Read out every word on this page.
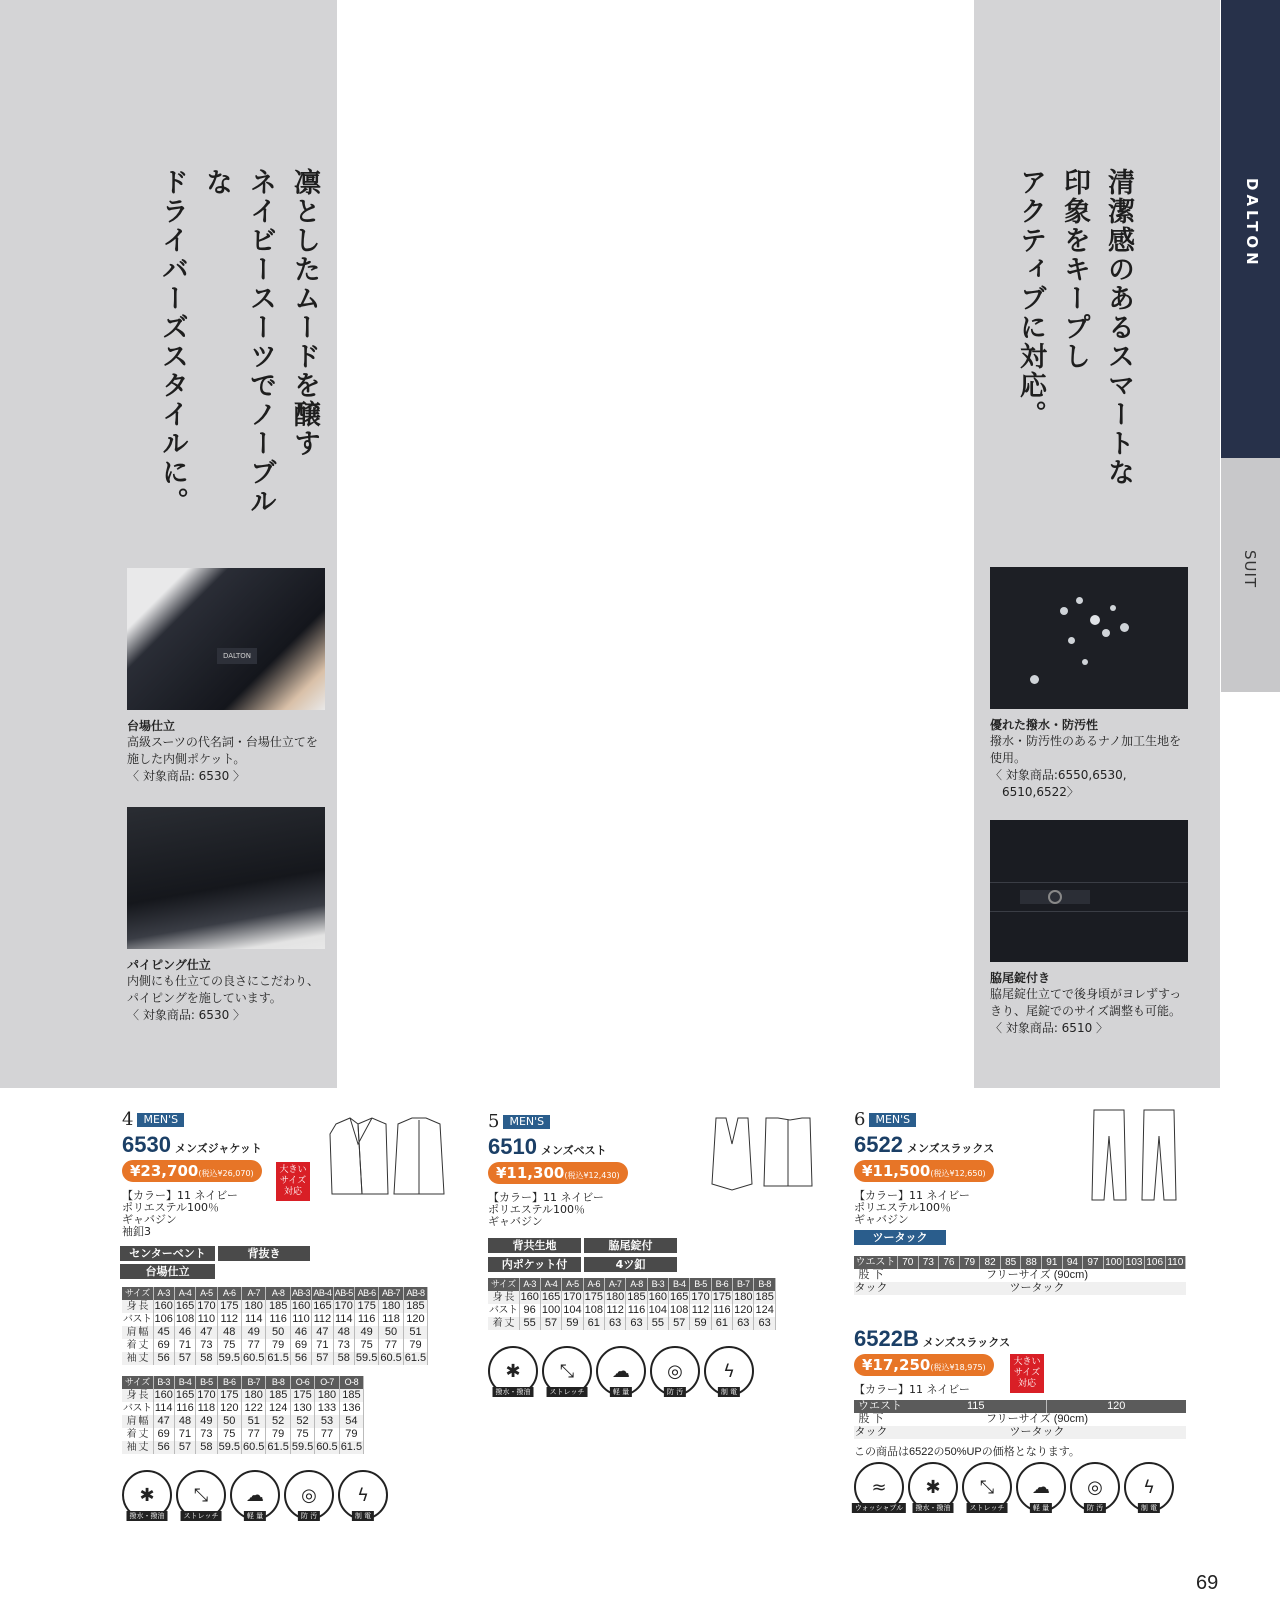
DALTON
SUIT
凛としたムードを醸す
ネイビースーツでノーブルな
ドライバーズスタイルに。	清潔感のあるスマートな
印象をキープし
アクティブに対応。
DALTON
台場仕立
高級スーツの代名詞・台場仕立てを
施した内側ポケット。
〈 対象商品: 6530 〉
パイピング仕立
内側にも仕立ての良さにこだわり、
パイピングを施しています。
〈 対象商品: 6530 〉
優れた撥水・防汚性
撥水・防汚性のあるナノ加工生地を
使用。
〈 対象商品:6550,6530,
　6510,6522〉
脇尾錠付き
脇尾錠仕立てで後身頃がヨレずすっ
きり、尾錠でのサイズ調整も可能。
〈 対象商品: 6510 〉
4 MEN'S
6530 メンズジャケット
¥23,700(税込¥26,070)	大きい
サイズ
対応
【カラー】11 ネイビー
ポリエステル100％
ギャバジン
袖釦3
センターベント	背抜き
台場仕立
サイズ	A-3	A-4	A-5	A-6	A-7	A-8	AB-3	AB-4	AB-5	AB-6	AB-7	AB-8
身 長	160	165	170	175	180	185	160	165	170	175	180	185
バスト	106	108	110	112	114	116	110	112	114	116	118	120
肩 幅	45	46	47	48	49	50	46	47	48	49	50	51
着 丈	69	71	73	75	77	79	69	71	73	75	77	79
袖 丈	56	57	58	59.5	60.5	61.5	56	57	58	59.5	60.5	61.5
サイズ	B-3	B-4	B-5	B-6	B-7	B-8	O-6	O-7	O-8
身 長	160	165	170	175	180	185	175	180	185
バスト	114	116	118	120	122	124	130	133	136
肩 幅	47	48	49	50	51	52	52	53	54
着 丈	69	71	73	75	77	79	75	77	79
袖 丈	56	57	58	59.5	60.5	61.5	59.5	60.5	61.5
✱
撥水・撥油
⤡
ストレッチ
☁
軽 量
◎
防 汚
ϟ
制 電
5 MEN'S
6510 メンズベスト
¥11,300(税込¥12,430)
【カラー】11 ネイビー
ポリエステル100％
ギャバジン
背共生地	脇尾錠付
内ポケット付	4ツ釦
サイズ	A-3	A-4	A-5	A-6	A-7	A-8	B-3	B-4	B-5	B-6	B-7	B-8
身 長	160	165	170	175	180	185	160	165	170	175	180	185
バスト	96	100	104	108	112	116	104	108	112	116	120	124
着 丈	55	57	59	61	63	63	55	57	59	61	63	63
✱
撥水・撥油
⤡
ストレッチ
☁
軽 量
◎
防 汚
ϟ
制 電
6 MEN'S
6522 メンズスラックス
¥11,500(税込¥12,650)
【カラー】11 ネイビー
ポリエステル100％
ギャバジン
ツータック
ウエスト 70 73 76 79 82 85 88 91 94 97 100 103 106 110
股 下	フリーサイズ (90cm)
タック	ツータック
6522B メンズスラックス
¥17,250(税込¥18,975)
大きい
サイズ
対応
【カラー】11 ネイビー
ウエスト	115	120
股 下	フリーサイズ (90cm)
タック	ツータック
この商品は6522の50%UPの価格となります。
≈
ウォッシャブル
✱
撥水・撥油
⤡
ストレッチ
☁
軽 量
◎
防 汚
ϟ
制 電
69
